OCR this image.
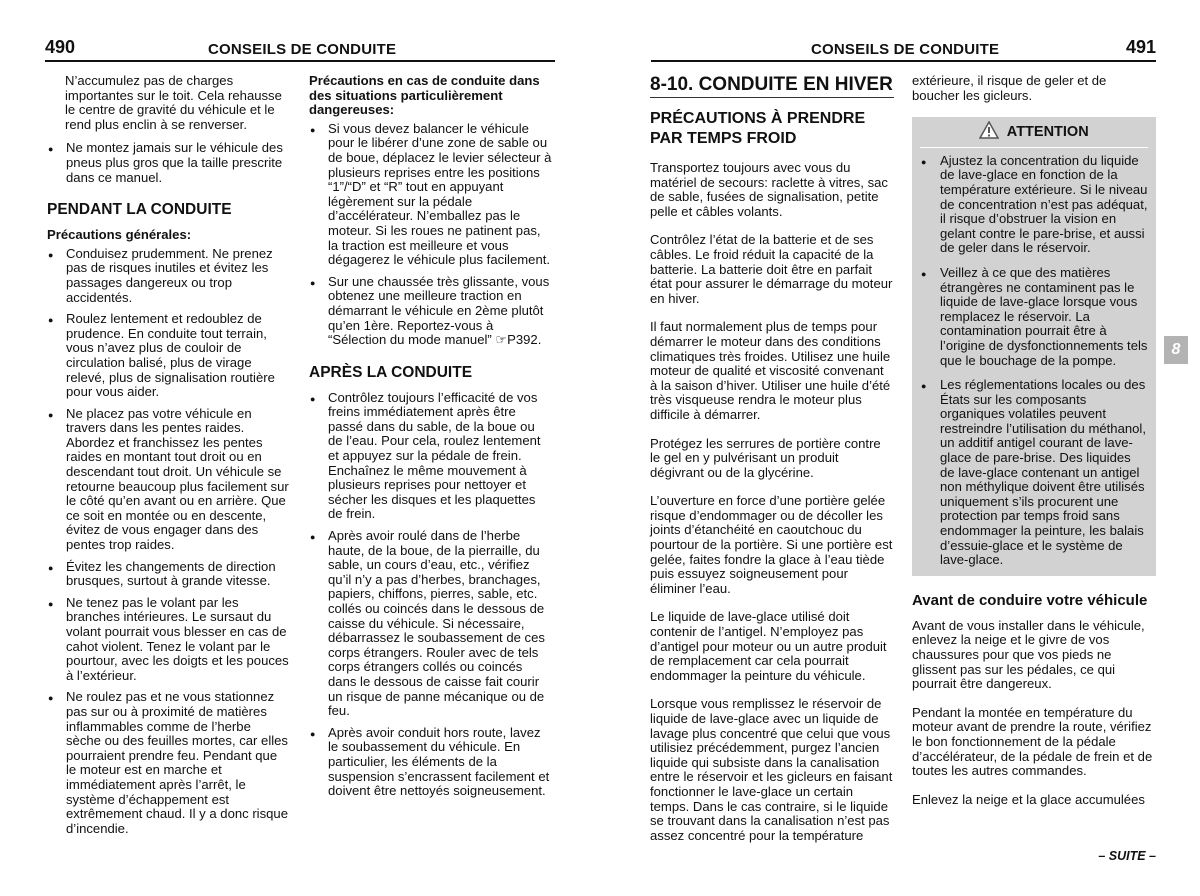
490	CONSEILS DE CONDUITE	CONSEILS DE CONDUITE	491
N’accumulez pas de charges importantes sur le toit. Cela rehausse le centre de gravité du véhicule et le rend plus enclin à se renverser.
● Ne montez jamais sur le véhicule des pneus plus gros que la taille prescrite dans ce manuel.
PENDANT LA CONDUITE
Précautions générales:
● Conduisez prudemment. Ne prenez pas de risques inutiles et évitez les passages dangereux ou trop accidentés.
● Roulez lentement et redoublez de prudence. En conduite tout terrain, vous n’avez plus de couloir de circulation balisé, plus de virage relevé, plus de signalisation routière pour vous aider.
● Ne placez pas votre véhicule en travers dans les pentes raides. Abordez et franchissez les pentes raides en montant tout droit ou en descendant tout droit. Un véhicule se retourne beaucoup plus facilement sur le côté qu’en avant ou en arrière. Que ce soit en montée ou en descente, évitez de vous engager dans des pentes trop raides.
● Évitez les changements de direction brusques, surtout à grande vitesse.
● Ne tenez pas le volant par les branches intérieures. Le sursaut du volant pourrait vous blesser en cas de cahot violent. Tenez le volant par le pourtour, avec les doigts et les pouces à l’extérieur.
● Ne roulez pas et ne vous stationnez pas sur ou à proximité de matières inflammables comme de l’herbe sèche ou des feuilles mortes, car elles pourraient prendre feu. Pendant que le moteur est en marche et immédiatement après l’arrêt, le système d’échappement est extrêmement chaud. Il y a donc risque d’incendie.
Précautions en cas de conduite dans des situations particulièrement dangereuses:
● Si vous devez balancer le véhicule pour le libérer d’une zone de sable ou de boue, déplacez le levier sélecteur à plusieurs reprises entre les positions “1”/“D” et “R” tout en appuyant légèrement sur la pédale d’accélérateur. N’emballez pas le moteur. Si les roues ne patinent pas, la traction est meilleure et vous dégagerez le véhicule plus facilement.
● Sur une chaussée très glissante, vous obtenez une meilleure traction en démarrant le véhicule en 2ème plutôt qu’en 1ère. Reportez-vous à “Sélection du mode manuel” ☞P392.
APRÈS LA CONDUITE
● Contrôlez toujours l’efficacité de vos freins immédiatement après être passé dans du sable, de la boue ou de l’eau. Pour cela, roulez lentement et appuyez sur la pédale de frein. Enchaînez le même mouvement à plusieurs reprises pour nettoyer et sécher les disques et les plaquettes de frein.
● Après avoir roulé dans de l’herbe haute, de la boue, de la pierraille, du sable, un cours d’eau, etc., vérifiez qu’il n’y a pas d’herbes, branchages, papiers, chiffons, pierres, sable, etc. collés ou coincés dans le dessous de caisse du véhicule. Si nécessaire, débarrassez le soubassement de ces corps étrangers. Rouler avec de tels corps étrangers collés ou coincés dans le dessous de caisse fait courir un risque de panne mécanique ou de feu.
● Après avoir conduit hors route, lavez le soubassement du véhicule. En particulier, les éléments de la suspension s’encrassent facilement et doivent être nettoyés soigneusement.
8-10. CONDUITE EN HIVER
PRÉCAUTIONS À PRENDRE PAR TEMPS FROID

Transportez toujours avec vous du matériel de secours: raclette à vitres, sac de sable, fusées de signalisation, petite pelle et câbles volants.

Contrôlez l’état de la batterie et de ses câbles. Le froid réduit la capacité de la batterie. La batterie doit être en parfait état pour assurer le démarrage du moteur en hiver.

Il faut normalement plus de temps pour démarrer le moteur dans des conditions climatiques très froides. Utilisez une huile moteur de qualité et viscosité convenant à la saison d’hiver. Utiliser une huile d’été très visqueuse rendra le moteur plus difficile à démarrer.

Protégez les serrures de portière contre le gel en y pulvérisant un produit dégivrant ou de la glycérine.

L’ouverture en force d’une portière gelée risque d’endommager ou de décoller les joints d’étanchéité en caoutchouc du pourtour de la portière. Si une portière est gelée, faites fondre la glace à l’eau tiède puis essuyez soigneusement pour éliminer l’eau.

Le liquide de lave-glace utilisé doit contenir de l’antigel. N’employez pas d’antigel pour moteur ou un autre produit de remplacement car cela pourrait endommager la peinture du véhicule.

Lorsque vous remplissez le réservoir de liquide de lave-glace avec un liquide de lavage plus concentré que celui que vous utilisiez précédemment, purgez l’ancien liquide qui subsiste dans la canalisation entre le réservoir et les gicleurs en faisant fonctionner le lave-glace un certain temps. Dans le cas contraire, si le liquide se trouvant dans la canalisation n’est pas assez concentré pour la température

extérieure, il risque de geler et de boucher les gicleurs.

ATTENTION
● Ajustez la concentration du liquide de lave-glace en fonction de la température extérieure. Si le niveau de concentration n’est pas adéquat, il risque d’obstruer la vision en gelant contre le pare-brise, et aussi de geler dans le réservoir.
● Veillez à ce que des matières étrangères ne contaminent pas le liquide de lave-glace lorsque vous remplacez le réservoir. La contamination pourrait être à l’origine de dysfonctionnements tels que le bouchage de la pompe.
● Les réglementations locales ou des États sur les composants organiques volatiles peuvent restreindre l’utilisation du méthanol, un additif antigel courant de lave-glace de pare-brise. Des liquides de lave-glace contenant un antigel non méthylique doivent être utilisés uniquement s’ils procurent une protection par temps froid sans endommager la peinture, les balais d’essuie-glace et le système de lave-glace.
Avant de conduire votre véhicule

Avant de vous installer dans le véhicule, enlevez la neige et le givre de vos chaussures pour que vos pieds ne glissent pas sur les pédales, ce qui pourrait être dangereux.

Pendant la montée en température du moteur avant de prendre la route, vérifiez le bon fonctionnement de la pédale d’accélérateur, de la pédale de frein et de toutes les autres commandes.

Enlevez la neige et la glace accumulées

8
– SUITE –
